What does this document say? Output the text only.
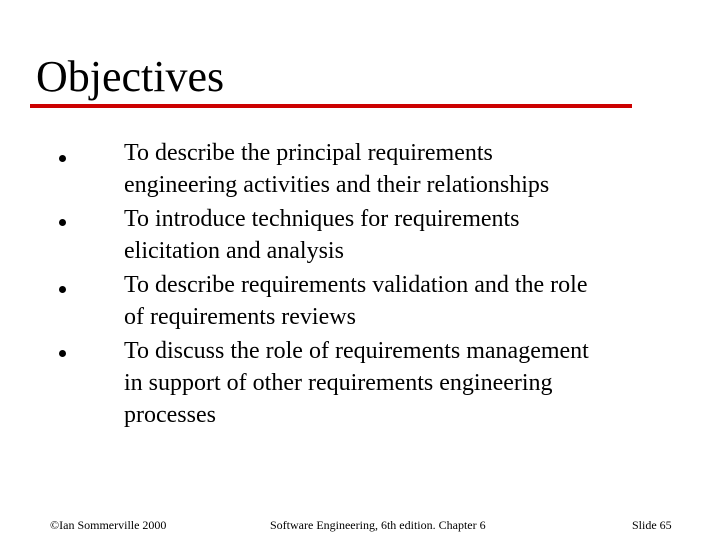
Objectives
To describe the principal requirements
engineering activities and their relationships
To introduce techniques for requirements
elicitation and analysis
To describe requirements validation and the role
of requirements reviews
To discuss the role of requirements management
in support of other requirements engineering
processes
©Ian Sommerville 2000	Software Engineering, 6th edition. Chapter 6	Slide 65
